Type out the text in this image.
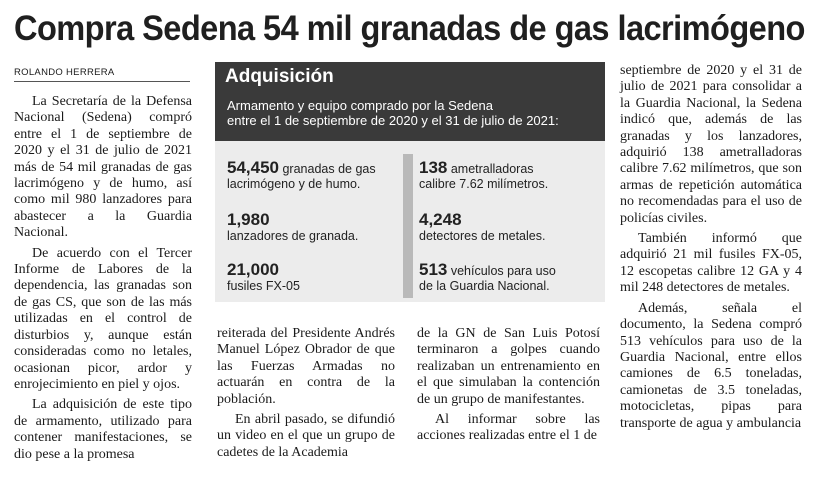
Compra Sedena 54 mil granadas de gas lacrimógeno
ROLANDO HERRERA

La Secretaría de la Defensa Nacional (Sedena) compró entre el 1 de septiembre de 2020 y el 31 de julio de 2021 más de 54 mil granadas de gas lacrimógeno y de humo, así como mil 980 lanzadores para abastecer a la Guardia Nacional.

De acuerdo con el Tercer Informe de Labores de la dependencia, las granadas son de gas CS, que son de las más utilizadas en el control de disturbios y, aunque están consideradas como no letales, ocasionan picor, ardor y enrojecimiento en piel y ojos.

La adquisición de este tipo de armamento, utilizado para contener manifestaciones, se dio pese a la promesa

Adquisición
Armamento y equipo comprado por la Sedena
entre el 1 de septiembre de 2020 y el 31 de julio de 2021:
54,450 granadas de gas
lacrimógeno y de humo.
1,980
lanzadores de granada.
21,000
fusiles FX-05
138 ametralladoras
calibre 7.62 milímetros.
4,248
detectores de metales.
513 vehículos para uso
de la Guardia Nacional.

reiterada del Presidente Andrés Manuel López Obrador de que las Fuerzas Armadas no actuarán en contra de la población.

En abril pasado, se difundió un video en el que un grupo de cadetes de la Academia

de la GN de San Luis Potosí terminaron a golpes cuando realizaban un entrenamiento en el que simulaban la contención de un grupo de manifestantes.

Al informar sobre las acciones realizadas entre el 1 de

septiembre de 2020 y el 31 de julio de 2021 para consolidar a la Guardia Nacional, la Sedena indicó que, además de las granadas y los lanzadores, adquirió 138 ametralladoras calibre 7.62 milímetros, que son armas de repetición automática no recomendadas para el uso de policías civiles.

También informó que adquirió 21 mil fusiles FX-05, 12 escopetas calibre 12 GA y 4 mil 248 detectores de metales.

Además, señala el documento, la Sedena compró 513 vehículos para uso de la Guardia Nacional, entre ellos camiones de 6.5 toneladas, camionetas de 3.5 toneladas, motocicletas, pipas para transporte de agua y ambulancia
